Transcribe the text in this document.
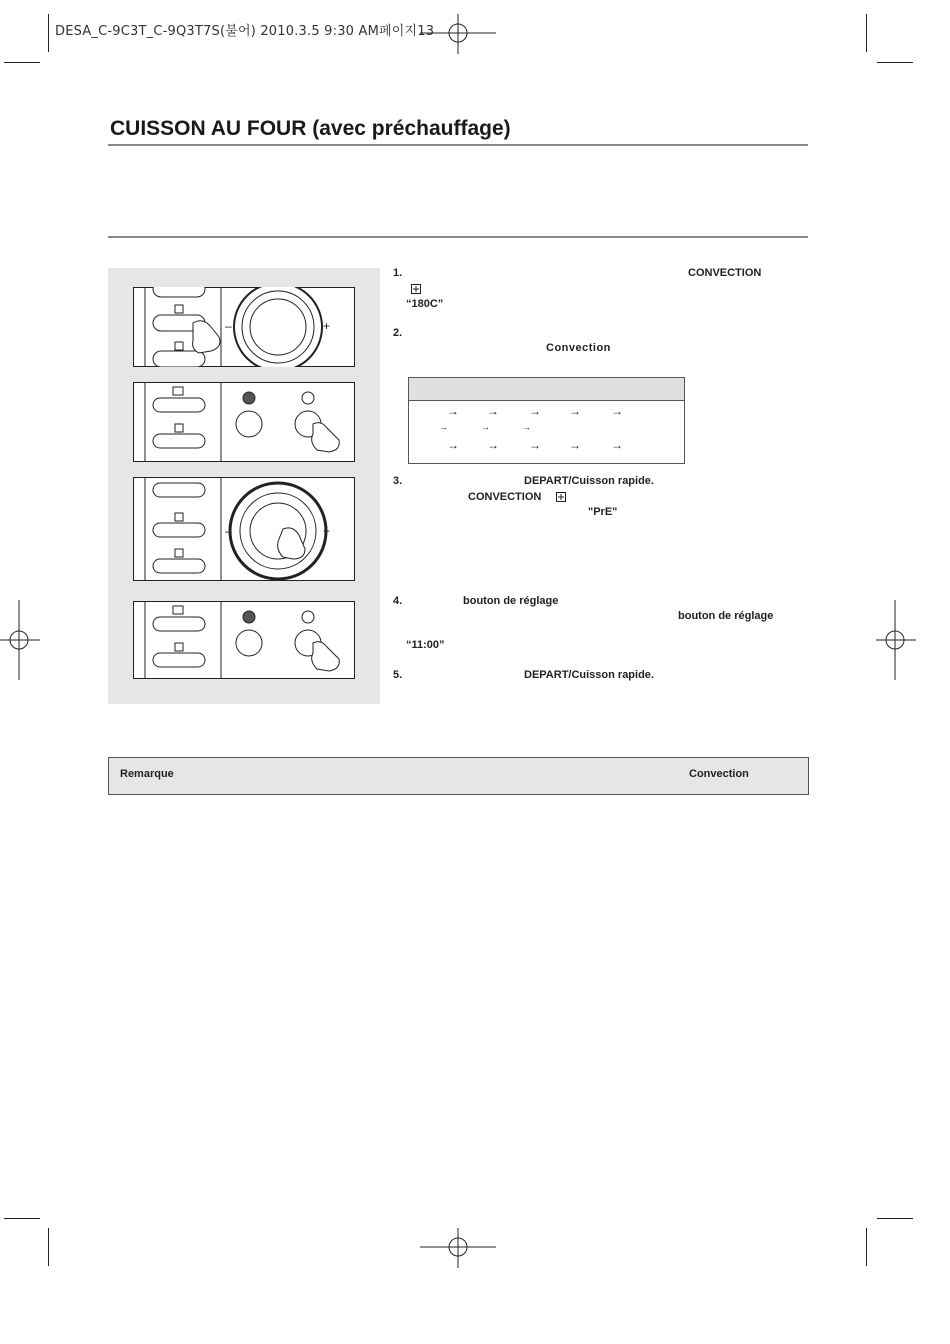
DESA_C-9C3T_C-9Q3T7S(불어) 2010.3.5 9:30 AM페이지13
CUISSON AU FOUR (avec préchauffage)
–	+
–	+
1.	CONVECTION
“180C”
2.
Convection
→ →	→ →	→
→	→	→
→ →	→ →	→
3.	DEPART/Cuisson rapide.
CONVECTION
"PrE"
4.	bouton de réglage
bouton de réglage
“11:00”
5.	DEPART/Cuisson rapide.
Remarque	Convection
